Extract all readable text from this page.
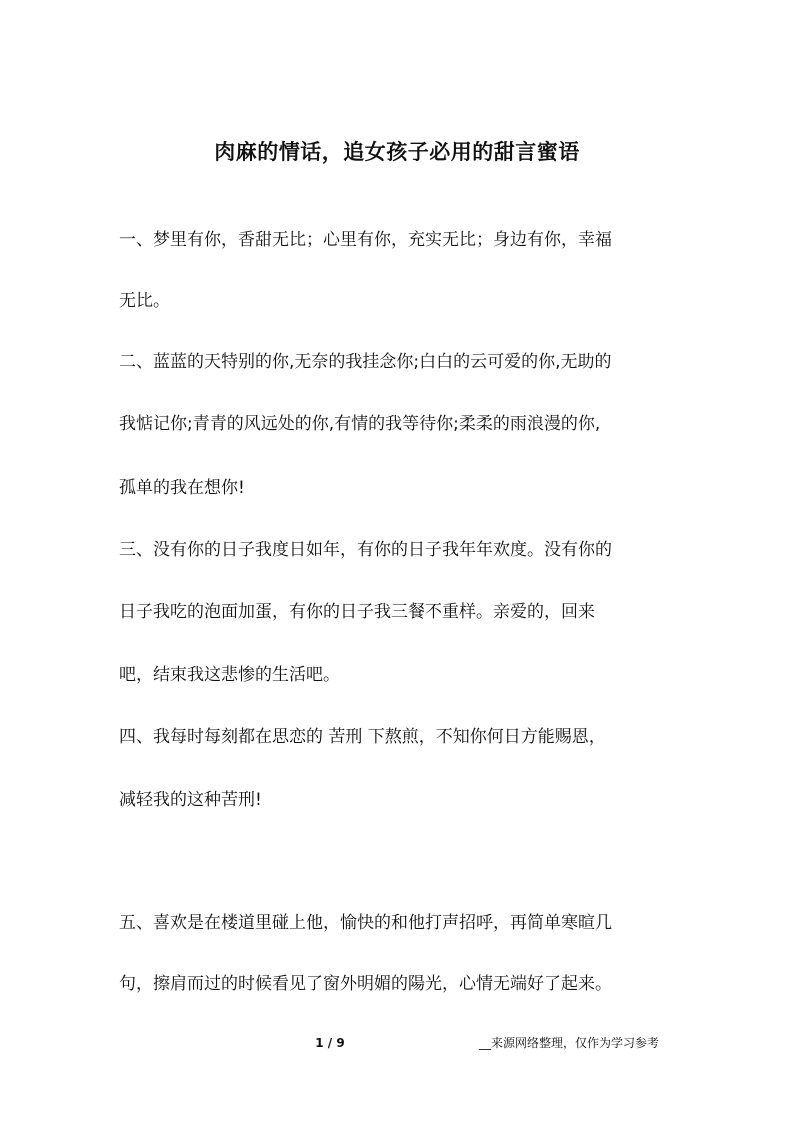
肉麻的情话，追女孩子必用的甜言蜜语

一、梦里有你，香甜无比；心里有你，充实无比；身边有你，幸福

无比。

二、蓝蓝的天特别的你,无奈的我挂念你;白白的云可爱的你,无助的

我惦记你;青青的风远处的你,有情的我等待你;柔柔的雨浪漫的你,

孤单的我在想你!

三、没有你的日子我度日如年，有你的日子我年年欢度。没有你的

日子我吃的泡面加蛋，有你的日子我三餐不重样。亲爱的，回来

吧，结束我这悲惨的生活吧。

四、我每时每刻都在思恋的 苦刑 下熬煎，不知你何日方能赐恩，

减轻我的这种苦刑!

五、喜欢是在楼道里碰上他，愉快的和他打声招呼，再简单寒暄几

句，擦肩而过的时候看见了窗外明媚的陽光，心情无端好了起来。

1 / 9	__来源网络整理，仅作为学习参考
